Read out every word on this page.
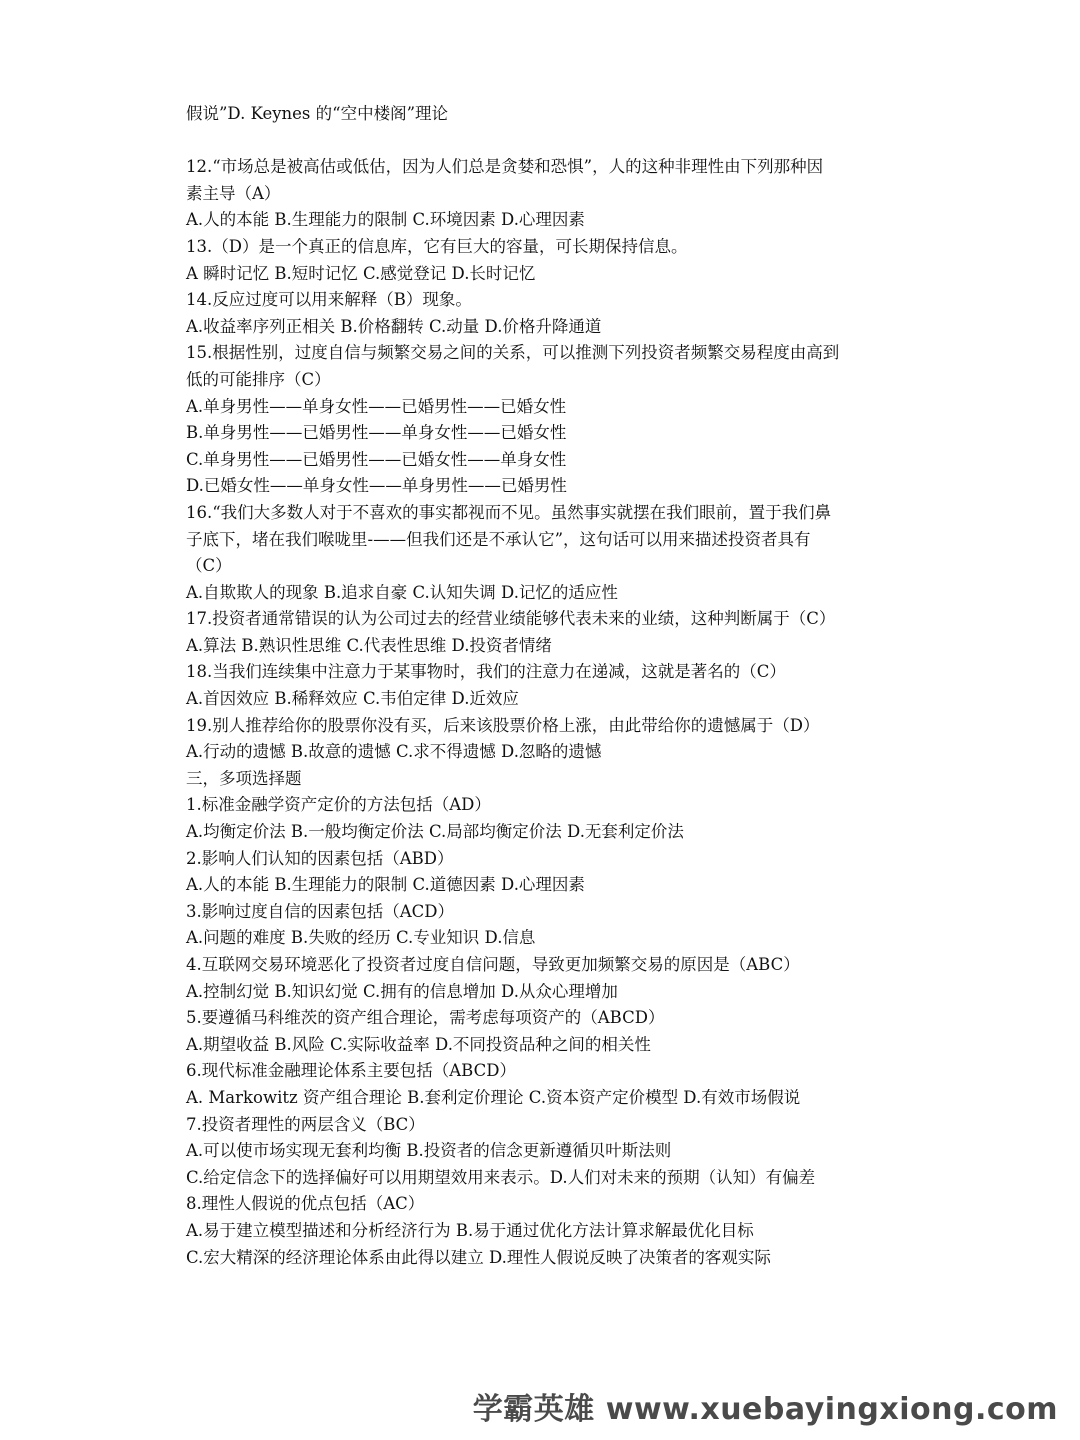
假说”D. Keynes 的“空中楼阁”理论
12.“市场总是被高估或低估，因为人们总是贪婪和恐惧”，人的这种非理性由下列那种因
素主导（A）
A.人的本能 B.生理能力的限制 C.环境因素 D.心理因素
13.（D）是一个真正的信息库，它有巨大的容量，可长期保持信息。
A 瞬时记忆 B.短时记忆 C.感觉登记 D.长时记忆
14.反应过度可以用来解释（B）现象。
A.收益率序列正相关 B.价格翻转 C.动量 D.价格升降通道
15.根据性别，过度自信与频繁交易之间的关系，可以推测下列投资者频繁交易程度由高到
低的可能排序（C）
A.单身男性——单身女性——已婚男性——已婚女性
B.单身男性——已婚男性——单身女性——已婚女性
C.单身男性——已婚男性——已婚女性——单身女性
D.已婚女性——单身女性——单身男性——已婚男性
16.“我们大多数人对于不喜欢的事实都视而不见。虽然事实就摆在我们眼前，置于我们鼻
子底下，堵在我们喉咙里-——但我们还是不承认它”，这句话可以用来描述投资者具有
（C）
A.自欺欺人的现象 B.追求自豪 C.认知失调 D.记忆的适应性
17.投资者通常错误的认为公司过去的经营业绩能够代表未来的业绩，这种判断属于（C）
A.算法 B.熟识性思维 C.代表性思维 D.投资者情绪
18.当我们连续集中注意力于某事物时，我们的注意力在递减，这就是著名的（C）
A.首因效应 B.稀释效应 C.韦伯定律 D.近效应
19.别人推荐给你的股票你没有买，后来该股票价格上涨，由此带给你的遗憾属于（D）
A.行动的遗憾 B.故意的遗憾 C.求不得遗憾 D.忽略的遗憾
三，多项选择题
1.标准金融学资产定价的方法包括（AD）
A.均衡定价法 B.一般均衡定价法 C.局部均衡定价法 D.无套利定价法
2.影响人们认知的因素包括（ABD）
A.人的本能 B.生理能力的限制 C.道德因素 D.心理因素
3.影响过度自信的因素包括（ACD）
A.问题的难度 B.失败的经历 C.专业知识 D.信息
4.互联网交易环境恶化了投资者过度自信问题，导致更加频繁交易的原因是（ABC）
A.控制幻觉 B.知识幻觉 C.拥有的信息增加 D.从众心理增加
5.要遵循马科维茨的资产组合理论，需考虑每项资产的（ABCD）
A.期望收益 B.风险 C.实际收益率 D.不同投资品种之间的相关性
6.现代标准金融理论体系主要包括（ABCD）
A. Markowitz 资产组合理论 B.套利定价理论 C.资本资产定价模型 D.有效市场假说
7.投资者理性的两层含义（BC）
A.可以使市场实现无套利均衡 B.投资者的信念更新遵循贝叶斯法则
C.给定信念下的选择偏好可以用期望效用来表示。D.人们对未来的预期（认知）有偏差
8.理性人假说的优点包括（AC）
A.易于建立模型描述和分析经济行为 B.易于通过优化方法计算求解最优化目标
C.宏大精深的经济理论体系由此得以建立 D.理性人假说反映了决策者的客观实际
学霸英雄 www.xuebayingxiong.com
